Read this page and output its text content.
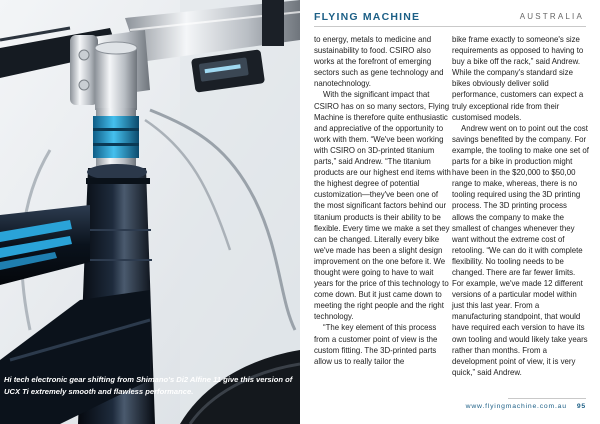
Hi tech electronic gear shifting from Shimano's Di2 Alfine 11 give this version of UCX Ti extremely smooth and flawless performance.
FLYING MACHINE	AUSTRALIA

to energy, metals to medicine and sustainability to food. CSIRO also works at the forefront of emerging sectors such as gene technology and nanotechnology.

With the significant impact that CSIRO has on so many sectors, Flying Machine is therefore quite enthusiastic and appreciative of the opportunity to work with them. “We've been working with CSIRO on 3D-printed titanium parts,” said Andrew. “The titanium products are our highest end items with the highest degree of potential customization—they've been one of the most significant factors behind our titanium products is their ability to be flexible. Every time we make a set they can be changed. Literally every bike we've made has been a slight design improvement on the one before it. We thought were going to have to wait years for the price of this technology to come down. But it just came down to meeting the right people and the right technology.

“The key element of this process from a customer point of view is the custom fitting. The 3D-printed parts allow us to really tailor the

bike frame exactly to someone's size requirements as opposed to having to buy a bike off the rack,” said Andrew. While the company's standard size bikes obviously deliver solid performance, customers can expect a truly exceptional ride from their customised models.

Andrew went on to point out the cost savings benefited by the company. For example, the tooling to make one set of parts for a bike in production might have been in the $20,000 to $50,00 range to make, whereas, there is no tooling required using the 3D printing process. The 3D printing process allows the company to make the smallest of changes whenever they want without the extreme cost of retooling. “We can do it with complete flexibility. No tooling needs to be changed. There are far fewer limits. For example, we've made 12 different versions of a particular model within just this last year. From a manufacturing standpoint, that would have required each version to have its own tooling and would likely take years rather than months. From a development point of view, it is very quick,” said Andrew.

www.flyingmachine.com.au 95
